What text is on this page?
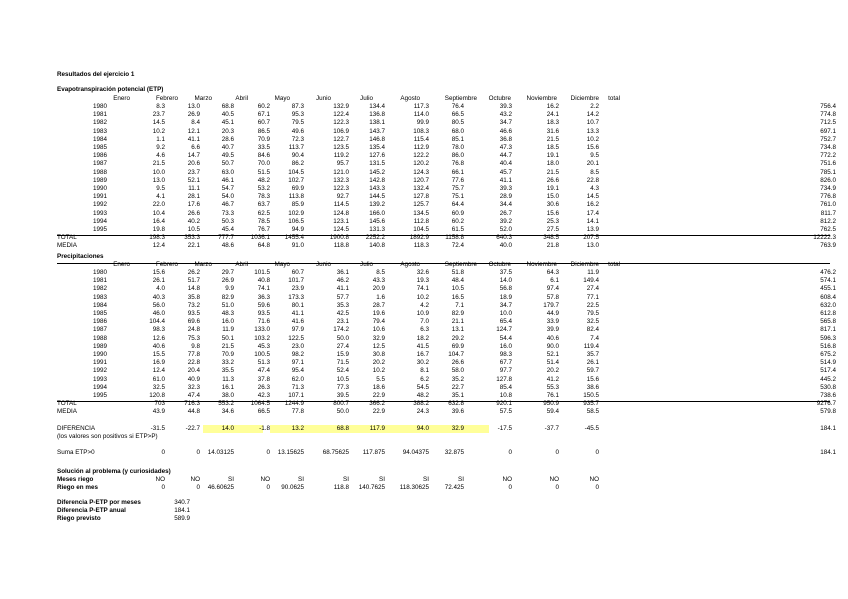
Resultados del ejercicio 1
Evapotranspiración potencial (ETP)
Enero	Febrero	Marzo	Abril	Mayo	Junio	Julio	Agosto	Septiembre Octubre Noviembre Diciembre total
1980	8.3	13.0	68.8	60.2	87.3	132.9	134.4	117.3	76.4	39.3	16.2	2.2	756.4
1981	23.7	26.9	40.5	67.1	95.3	122.4	136.8	114.0	66.5	43.2	24.1	14.2	774.8
1982	14.5	8.4	45.1	60.7	79.5	122.3	138.1	99.9	80.5	34.7	18.3	10.7	712.5
1983	10.2	12.1	20.3	86.5	49.6	106.9	143.7	108.3	68.0	46.6	31.6	13.3	697.1
1984	1.1	41.1	28.6	70.9	72.3	122.7	146.8	115.4	85.1	36.8	21.5	10.2	752.7
1985	9.2	6.6	40.7	33.5	113.7	123.5	135.4	112.9	78.0	47.3	18.5	15.6	734.8
1986	4.6	14.7	49.5	84.6	90.4	119.2	127.6	122.2	86.0	44.7	19.1	9.5	772.2
1987	21.5	20.6	50.7	70.0	86.2	95.7	131.5	120.2	76.8	40.4	18.0	20.1	751.6
1988	10.0	23.7	63.0	51.5	104.5	121.0	145.2	124.3	66.1	45.7	21.5	8.5	785.1
1989	13.0	52.1	46.1	48.2	102.7	132.3	142.8	120.7	77.6	41.1	26.6	22.8	826.0
1990	9.5	11.1	54.7	53.2	69.9	122.3	143.3	132.4	75.7	39.3	19.1	4.3	734.9
1991	4.1	28.1	54.0	78.3	113.8	92.7	144.5	127.8	75.1	28.9	15.0	14.5	776.8
1992	22.0	17.6	46.7	63.7	85.9	114.5	139.2	125.7	64.4	34.4	30.6	16.2	761.0
1993	10.4	26.6	73.3	62.5	102.9	124.8	166.0	134.5	60.9	26.7	15.6	17.4	811.7
1994	16.4	40.2	50.3	78.5	106.5	123.1	145.6	112.8	60.2	39.2	25.3	14.1	812.2
1995	19.8	10.5	45.4	76.7	94.9	124.5	131.3	104.5	61.5	52.0	27.5	13.9	762.5
TOTAL	198.3	353.3	777.7	1036.1 1455.4	1900.8	2252.2	1892.9	1158.8	640.3	348.5	207.5	12222.3
MEDIA	12.4	22.1	48.6	64.8	91.0	118.8	140.8	118.3	72.4	40.0	21.8	13.0	763.9
Precipitaciones
Enero	Febrero	Marzo	Abril	Mayo	Junio	Julio	Agosto	Septiembre Octubre Noviembre Diciembre total
1980	15.6	26.2	29.7	101.5	60.7	36.1	8.5	32.6	51.8	37.5	64.3	11.9	476.2
1981	26.1	51.7	26.9	40.8	101.7	46.2	43.3	19.3	48.4	14.0	6.1	149.4	574.1
1982	4.0	14.8	9.9	74.1	23.9	41.1	20.9	74.1	10.5	56.8	97.4	27.4	455.1
1983	40.3	35.8	82.9	36.3	173.3	57.7	1.6	10.2	16.5	18.9	57.8	77.1	608.4
1984	56.0	73.2	51.0	59.6	80.1	35.3	28.7	4.2	7.1	34.7	179.7	22.5	632.0
1985	46.0	93.5	48.3	93.5	41.1	42.5	19.6	10.9	82.9	10.0	44.9	79.5	612.8
1986	104.4	69.6	16.0	71.6	41.6	23.1	79.4	7.0	21.1	65.4	33.9	32.5	565.8
1987	98.3	24.8	11.9	133.0	97.9	174.2	10.6	6.3	13.1	124.7	39.9	82.4	817.1
1988	12.6	75.3	50.1	103.2	122.5	50.0	32.9	18.2	29.2	54.4	40.6	7.4	596.3
1989	40.6	9.8	21.5	45.3	23.0	27.4	12.5	41.5	69.9	16.0	90.0	119.4	516.8
1990	15.5	77.8	70.9	100.5	98.2	15.9	30.8	16.7	104.7	98.3	52.1	35.7	675.2
1991	16.9	22.8	33.2	51.3	97.1	71.5	20.2	30.2	26.6	67.7	51.4	26.1	514.9
1992	12.4	20.4	35.5	47.4	95.4	52.4	10.2	8.1	58.0	97.7	20.2	59.7	517.4
1993	61.0	40.9	11.3	37.8	62.0	10.5	5.5	6.2	35.2	127.8	41.2	15.6	445.2
1994	32.5	32.3	16.1	26.3	71.3	77.3	18.6	54.5	22.7	85.4	55.3	38.6	530.8
1995	120.8	47.4	38.0	42.3	107.1	39.5	22.9	48.2	35.1	10.8	76.1	150.5	738.6
TOTAL	703	716.3	553.2	1064.5 1244.9	800.7	366.2	388.2	632.8	920.1	950.9	935.7	9276.7
MEDIA	43.9	44.8	34.6	66.5	77.8	50.0	22.9	24.3	39.6	57.5	59.4	58.5	579.8
DIFERENCIA	-31.5	-22.7	14.0	-1.8	13.2	68.8	117.9	94.0	32.9	-17.5	-37.7	-45.5	184.1
(los valores son positivos si ETP>P)
Suma ETP>0	0	0 14.03125	0 13.15625	68.75625 117.875	94.04375 32.875	0	0	0	184.1
Solución al problema (y curiosidades)
Meses riego	NO	NO	SI	NO	SI	SI	SI	SI	SI	NO	NO	NO
Riego en mes	0	0 46.60625	0 90.0625	118.8 140.7625 118.30625 72.425	0	0	0
Diferencia P-ETP por meses	340.7
Diferencia P-ETP anual	184.1
Riego previsto	589.9
